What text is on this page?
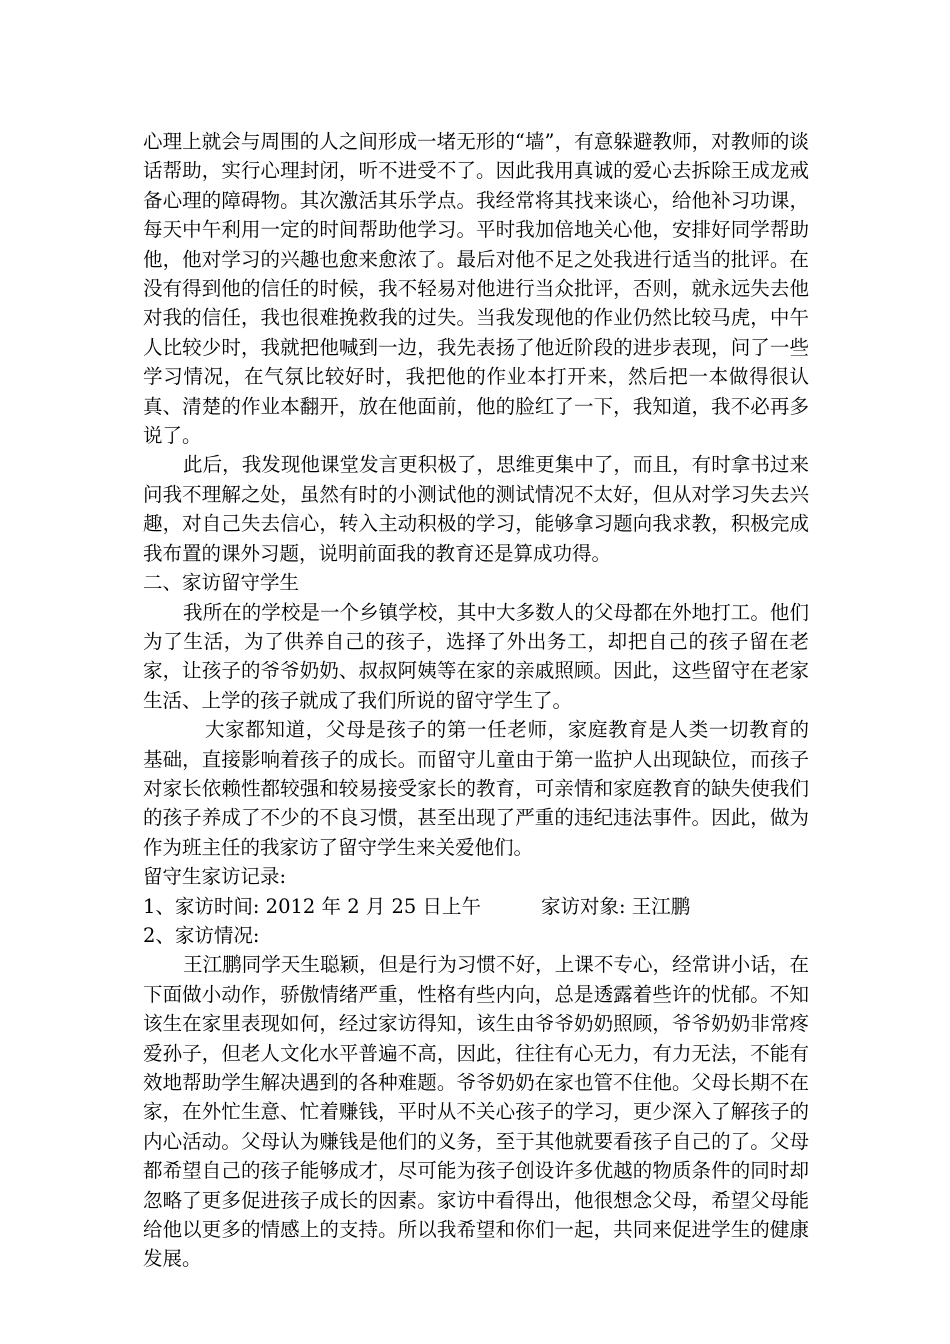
心理上就会与周围的人之间形成一堵无形的“墙”，有意躲避教师，对教师的谈话帮助，实行心理封闭，听不进受不了。因此我用真诚的爱心去拆除王成龙戒备心理的障碍物。其次激活其乐学点。我经常将其找来谈心，给他补习功课，每天中午利用一定的时间帮助他学习。平时我加倍地关心他，安排好同学帮助他，他对学习的兴趣也愈来愈浓了。最后对他不足之处我进行适当的批评。在没有得到他的信任的时候，我不轻易对他进行当众批评，否则，就永远失去他对我的信任，我也很难挽救我的过失。当我发现他的作业仍然比较马虎，中午人比较少时，我就把他喊到一边，我先表扬了他近阶段的进步表现，问了一些学习情况，在气氛比较好时，我把他的作业本打开来，然后把一本做得很认真、清楚的作业本翻开，放在他面前，他的脸红了一下，我知道，我不必再多说了。

此后，我发现他课堂发言更积极了，思维更集中了，而且，有时拿书过来问我不理解之处，虽然有时的小测试他的测试情况不太好，但从对学习失去兴趣，对自己失去信心，转入主动积极的学习，能够拿习题向我求教，积极完成我布置的课外习题，说明前面我的教育还是算成功得。

二、家访留守学生

我所在的学校是一个乡镇学校，其中大多数人的父母都在外地打工。他们为了生活，为了供养自己的孩子，选择了外出务工，却把自己的孩子留在老家，让孩子的爷爷奶奶、叔叔阿姨等在家的亲戚照顾。因此，这些留守在老家生活、上学的孩子就成了我们所说的留守学生了。

大家都知道，父母是孩子的第一任老师，家庭教育是人类一切教育的基础，直接影响着孩子的成长。而留守儿童由于第一监护人出现缺位，而孩子对家长依赖性都较强和较易接受家长的教育，可亲情和家庭教育的缺失使我们的孩子养成了不少的不良习惯，甚至出现了严重的违纪违法事件。因此，做为作为班主任的我家访了留守学生来关爱他们。

留守生家访记录:

1、家访时间: 2012 年 2 月 25 日上午	家访对象: 王江鹏

2、家访情况:

王江鹏同学天生聪颖，但是行为习惯不好，上课不专心，经常讲小话，在下面做小动作，骄傲情绪严重，性格有些内向，总是透露着些许的忧郁。不知该生在家里表现如何，经过家访得知，该生由爷爷奶奶照顾，爷爷奶奶非常疼爱孙子，但老人文化水平普遍不高，因此，往往有心无力，有力无法，不能有效地帮助学生解决遇到的各种难题。爷爷奶奶在家也管不住他。父母长期不在家，在外忙生意、忙着赚钱，平时从不关心孩子的学习，更少深入了解孩子的内心活动。父母认为赚钱是他们的义务，至于其他就要看孩子自己的了。父母都希望自己的孩子能够成才，尽可能为孩子创设许多优越的物质条件的同时却忽略了更多促进孩子成长的因素。家访中看得出，他很想念父母，希望父母能给他以更多的情感上的支持。所以我希望和你们一起，共同来促进学生的健康发展。
